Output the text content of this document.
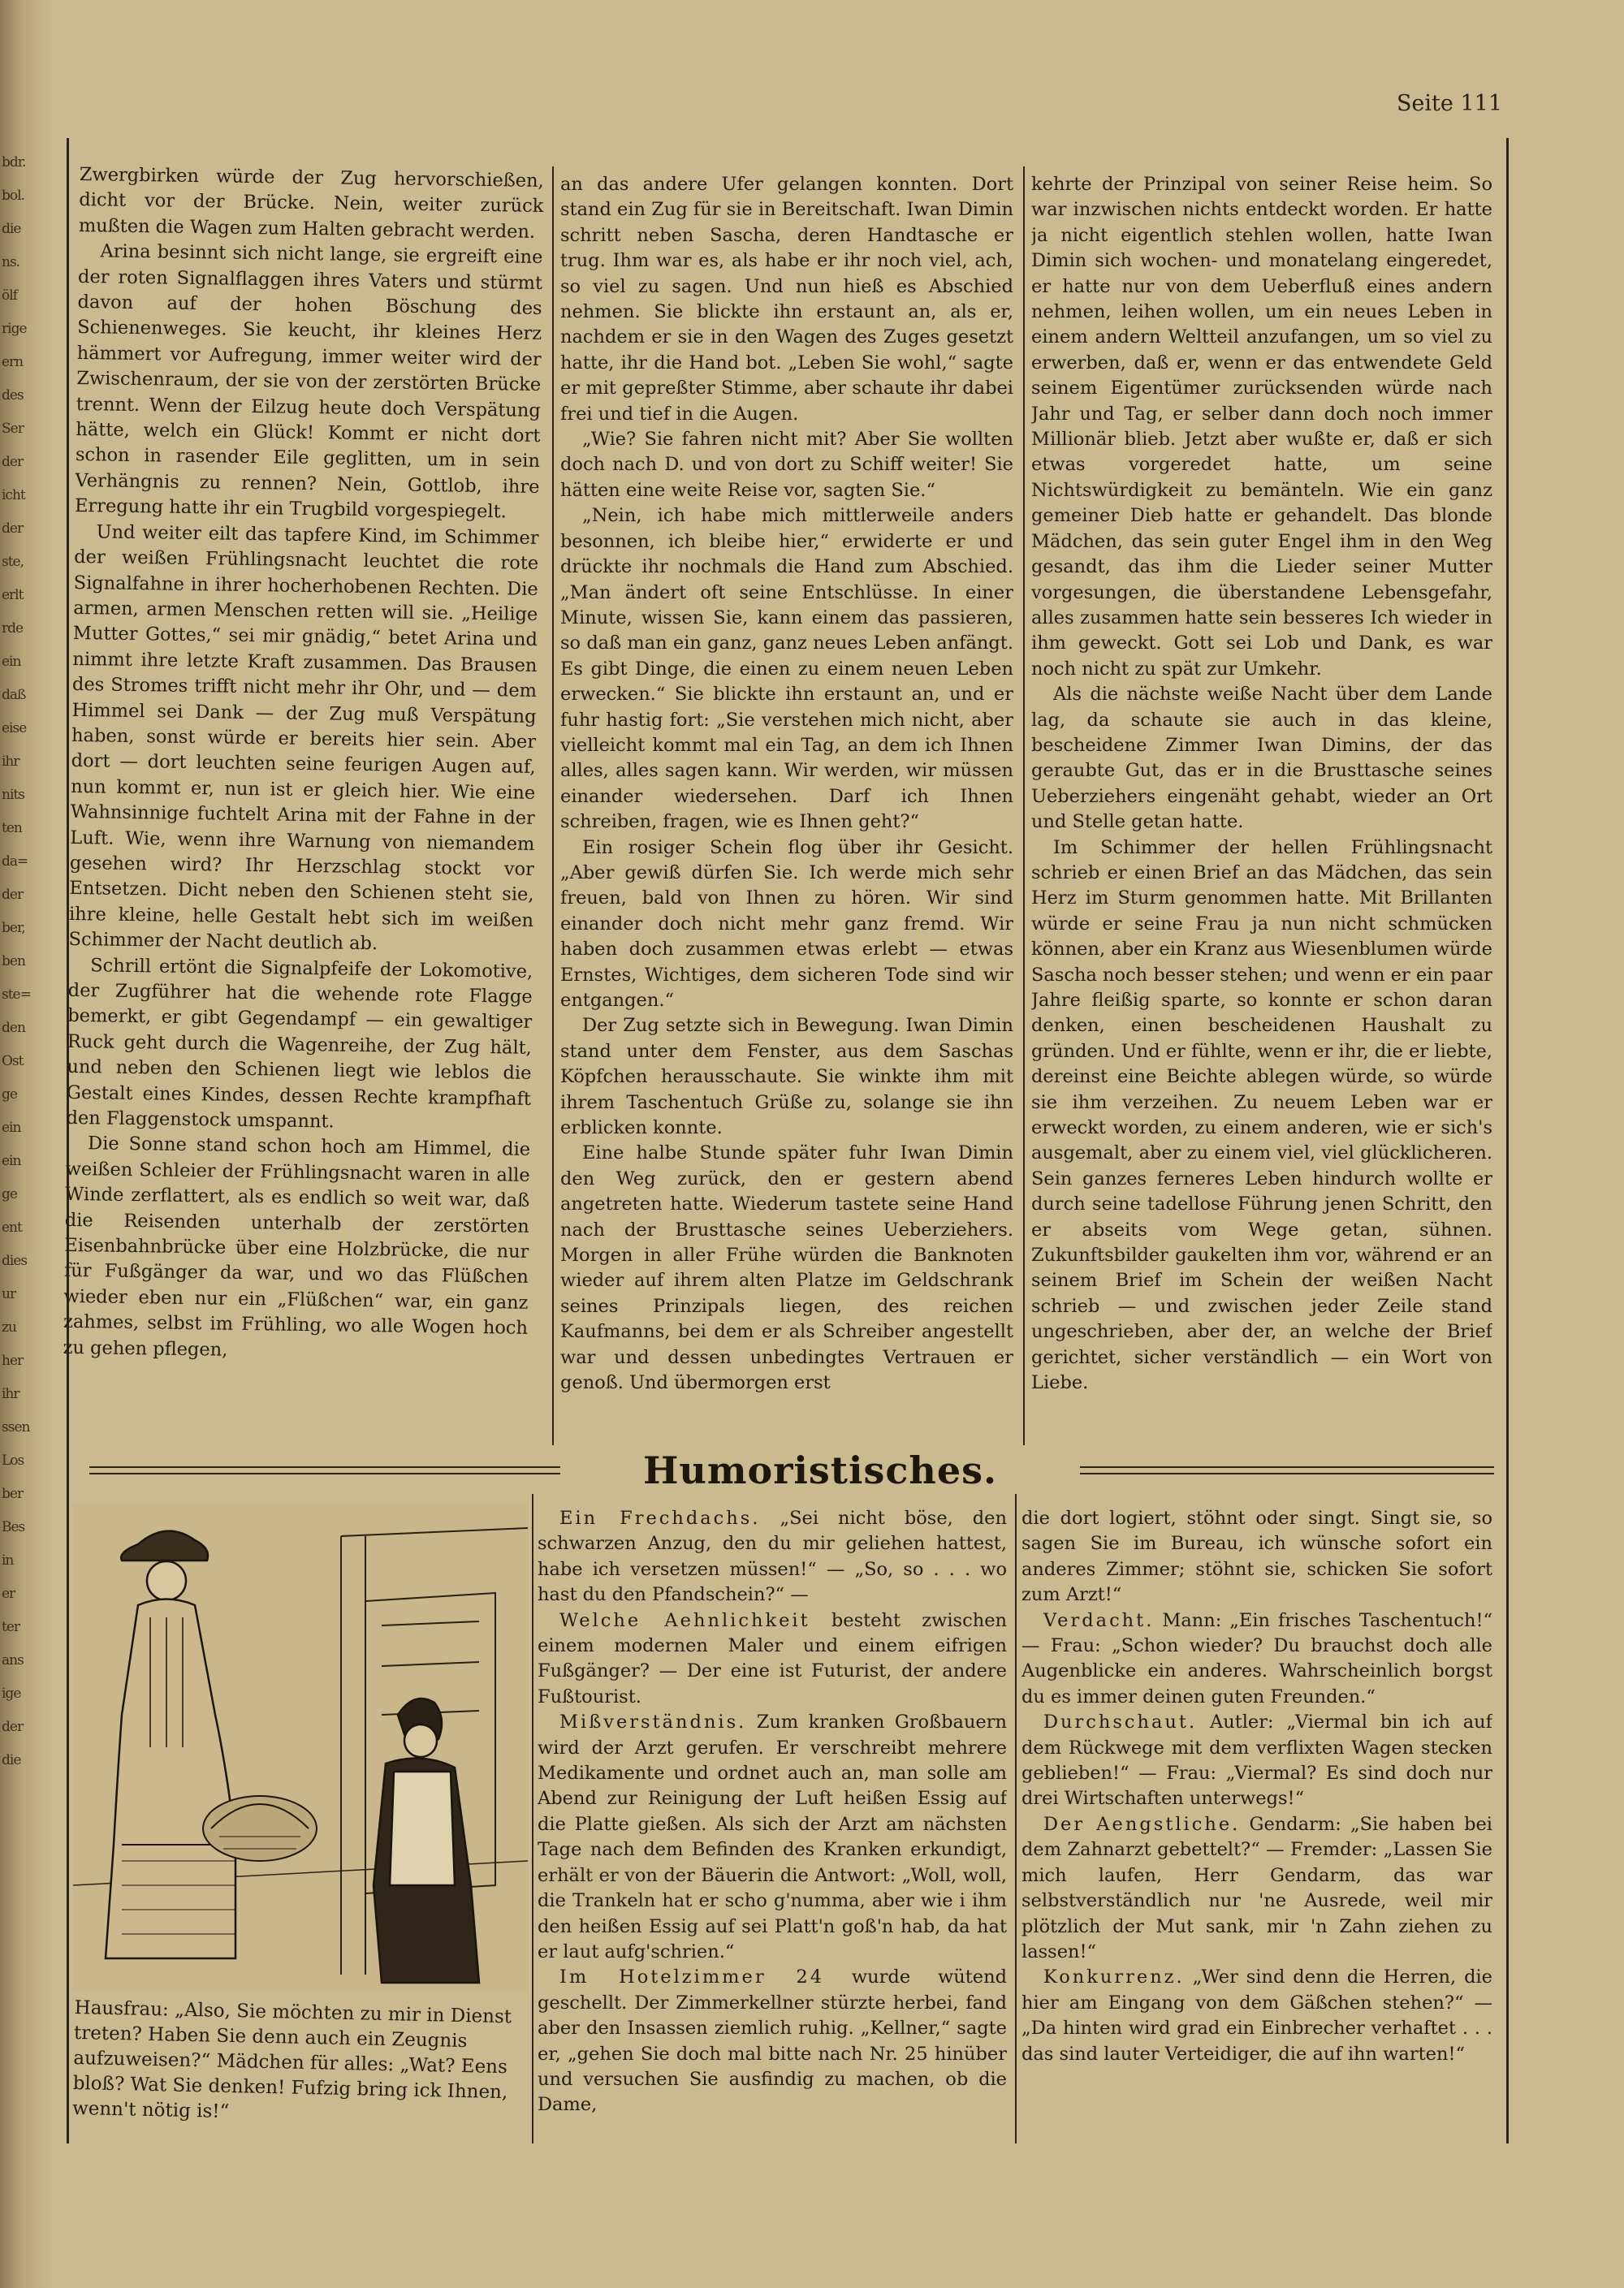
bdr.
bol.
die
ns.
ölf
rige
ern
des
Ser
der
icht
der
ste,
erlt
rde
ein
daß
eise
ihr
nits
ten
da=
der
ber,
ben
ste=
den
Ost
ge
ein
ein
ge
ent
dies
ur
zu
her
ihr
ssen
Los
ber
Bes
in
er
ter
ans
ige
der
die
Seite 111

Zwergbirken würde der Zug hervorschießen, dicht vor der Brücke. Nein, weiter zurück mußten die Wagen zum Halten gebracht werden.

Arina besinnt sich nicht lange, sie ergreift eine der roten Signalflaggen ihres Vaters und stürmt davon auf der hohen Böschung des Schienenweges. Sie keucht, ihr kleines Herz hämmert vor Aufregung, immer weiter wird der Zwischenraum, der sie von der zerstörten Brücke trennt. Wenn der Eilzug heute doch Verspätung hätte, welch ein Glück! Kommt er nicht dort schon in rasender Eile geglitten, um in sein Verhängnis zu rennen? Nein, Gottlob, ihre Erregung hatte ihr ein Trugbild vorgespiegelt.

Und weiter eilt das tapfere Kind, im Schimmer der weißen Frühlingsnacht leuchtet die rote Signalfahne in ihrer hocherhobenen Rechten. Die armen, armen Menschen retten will sie. „Heilige Mutter Gottes,“ sei mir gnädig,“ betet Arina und nimmt ihre letzte Kraft zusammen. Das Brausen des Stromes trifft nicht mehr ihr Ohr, und — dem Himmel sei Dank — der Zug muß Verspätung haben, sonst würde er bereits hier sein. Aber dort — dort leuchten seine feurigen Augen auf, nun kommt er, nun ist er gleich hier. Wie eine Wahnsinnige fuchtelt Arina mit der Fahne in der Luft. Wie, wenn ihre Warnung von niemandem gesehen wird? Ihr Herzschlag stockt vor Entsetzen. Dicht neben den Schienen steht sie, ihre kleine, helle Gestalt hebt sich im weißen Schimmer der Nacht deutlich ab.

Schrill ertönt die Signalpfeife der Lokomotive, der Zugführer hat die wehende rote Flagge bemerkt, er gibt Gegendampf — ein gewaltiger Ruck geht durch die Wagenreihe, der Zug hält, und neben den Schienen liegt wie leblos die Gestalt eines Kindes, dessen Rechte krampfhaft den Flaggenstock umspannt.

Die Sonne stand schon hoch am Himmel, die weißen Schleier der Frühlingsnacht waren in alle Winde zerflattert, als es endlich so weit war, daß die Reisenden unterhalb der zerstörten Eisenbahnbrücke über eine Holzbrücke, die nur für Fußgänger da war, und wo das Flüßchen wieder eben nur ein „Flüßchen“ war, ein ganz zahmes, selbst im Frühling, wo alle Wogen hoch zu gehen pflegen,

an das andere Ufer gelangen konnten. Dort stand ein Zug für sie in Bereitschaft. Iwan Dimin schritt neben Sascha, deren Handtasche er trug. Ihm war es, als habe er ihr noch viel, ach, so viel zu sagen. Und nun hieß es Abschied nehmen. Sie blickte ihn erstaunt an, als er, nachdem er sie in den Wagen des Zuges gesetzt hatte, ihr die Hand bot. „Leben Sie wohl,“ sagte er mit gepreßter Stimme, aber schaute ihr dabei frei und tief in die Augen.

„Wie? Sie fahren nicht mit? Aber Sie wollten doch nach D. und von dort zu Schiff weiter! Sie hätten eine weite Reise vor, sagten Sie.“

„Nein, ich habe mich mittlerweile anders besonnen, ich bleibe hier,“ erwiderte er und drückte ihr nochmals die Hand zum Abschied. „Man ändert oft seine Entschlüsse. In einer Minute, wissen Sie, kann einem das passieren, so daß man ein ganz, ganz neues Leben anfängt. Es gibt Dinge, die einen zu einem neuen Leben erwecken.“ Sie blickte ihn erstaunt an, und er fuhr hastig fort: „Sie verstehen mich nicht, aber vielleicht kommt mal ein Tag, an dem ich Ihnen alles, alles sagen kann. Wir werden, wir müssen einander wiedersehen. Darf ich Ihnen schreiben, fragen, wie es Ihnen geht?“

Ein rosiger Schein flog über ihr Gesicht. „Aber gewiß dürfen Sie. Ich werde mich sehr freuen, bald von Ihnen zu hören. Wir sind einander doch nicht mehr ganz fremd. Wir haben doch zusammen etwas erlebt — etwas Ernstes, Wichtiges, dem sicheren Tode sind wir entgangen.“

Der Zug setzte sich in Bewegung. Iwan Dimin stand unter dem Fenster, aus dem Saschas Köpfchen herausschaute. Sie winkte ihm mit ihrem Taschentuch Grüße zu, solange sie ihn erblicken konnte.

Eine halbe Stunde später fuhr Iwan Dimin den Weg zurück, den er gestern abend angetreten hatte. Wiederum tastete seine Hand nach der Brusttasche seines Ueberziehers. Morgen in aller Frühe würden die Banknoten wieder auf ihrem alten Platze im Geldschrank seines Prinzipals liegen, des reichen Kaufmanns, bei dem er als Schreiber angestellt war und dessen unbedingtes Vertrauen er genoß. Und übermorgen erst

kehrte der Prinzipal von seiner Reise heim. So war inzwischen nichts entdeckt worden. Er hatte ja nicht eigentlich stehlen wollen, hatte Iwan Dimin sich wochen- und monatelang eingeredet, er hatte nur von dem Ueberfluß eines andern nehmen, leihen wollen, um ein neues Leben in einem andern Weltteil anzufangen, um so viel zu erwerben, daß er, wenn er das entwendete Geld seinem Eigentümer zurücksenden würde nach Jahr und Tag, er selber dann doch noch immer Millionär blieb. Jetzt aber wußte er, daß er sich etwas vorgeredet hatte, um seine Nichtswürdigkeit zu bemänteln. Wie ein ganz gemeiner Dieb hatte er gehandelt. Das blonde Mädchen, das sein guter Engel ihm in den Weg gesandt, das ihm die Lieder seiner Mutter vorgesungen, die überstandene Lebensgefahr, alles zusammen hatte sein besseres Ich wieder in ihm geweckt. Gott sei Lob und Dank, es war noch nicht zu spät zur Umkehr.

Als die nächste weiße Nacht über dem Lande lag, da schaute sie auch in das kleine, bescheidene Zimmer Iwan Dimins, der das geraubte Gut, das er in die Brusttasche seines Ueberziehers eingenäht gehabt, wieder an Ort und Stelle getan hatte.

Im Schimmer der hellen Frühlingsnacht schrieb er einen Brief an das Mädchen, das sein Herz im Sturm genommen hatte. Mit Brillanten würde er seine Frau ja nun nicht schmücken können, aber ein Kranz aus Wiesenblumen würde Sascha noch besser stehen; und wenn er ein paar Jahre fleißig sparte, so konnte er schon daran denken, einen bescheidenen Haushalt zu gründen. Und er fühlte, wenn er ihr, die er liebte, dereinst eine Beichte ablegen würde, so würde sie ihm verzeihen. Zu neuem Leben war er erweckt worden, zu einem anderen, wie er sich's ausgemalt, aber zu einem viel, viel glücklicheren. Sein ganzes ferneres Leben hindurch wollte er durch seine tadellose Führung jenen Schritt, den er abseits vom Wege getan, sühnen. Zukunftsbilder gaukelten ihm vor, während er an seinem Brief im Schein der weißen Nacht schrieb — und zwischen jeder Zeile stand ungeschrieben, aber der, an welche der Brief gerichtet, sicher verständlich — ein Wort von Liebe.

Humoristisches.

Hausfrau: „Also, Sie möchten zu mir in Dienst treten? Haben Sie denn auch ein Zeugnis aufzuweisen?“ Mädchen für alles: „Wat? Eens bloß? Wat Sie denken! Fufzig bring ick Ihnen, wenn't nötig is!“

Ein Frechdachs. „Sei nicht böse, den schwarzen Anzug, den du mir geliehen hattest, habe ich versetzen müssen!“ — „So, so . . . wo hast du den Pfandschein?“ —

Welche Aehnlichkeit besteht zwischen einem modernen Maler und einem eifrigen Fußgänger? — Der eine ist Futurist, der andere Fußtourist.

Mißverständnis. Zum kranken Großbauern wird der Arzt gerufen. Er verschreibt mehrere Medikamente und ordnet auch an, man solle am Abend zur Reinigung der Luft heißen Essig auf die Platte gießen. Als sich der Arzt am nächsten Tage nach dem Befinden des Kranken erkundigt, erhält er von der Bäuerin die Antwort: „Woll, woll, die Trankeln hat er scho g'numma, aber wie i ihm den heißen Essig auf sei Platt'n goß'n hab, da hat er laut aufg'schrien.“

Im Hotelzimmer 24 wurde wütend geschellt. Der Zimmerkellner stürzte herbei, fand aber den Insassen ziemlich ruhig. „Kellner,“ sagte er, „gehen Sie doch mal bitte nach Nr. 25 hinüber und versuchen Sie ausfindig zu machen, ob die Dame,

die dort logiert, stöhnt oder singt. Singt sie, so sagen Sie im Bureau, ich wünsche sofort ein anderes Zimmer; stöhnt sie, schicken Sie sofort zum Arzt!“

Verdacht. Mann: „Ein frisches Taschentuch!“ — Frau: „Schon wieder? Du brauchst doch alle Augenblicke ein anderes. Wahrscheinlich borgst du es immer deinen guten Freunden.“

Durchschaut. Autler: „Viermal bin ich auf dem Rückwege mit dem verflixten Wagen stecken geblieben!“ — Frau: „Viermal? Es sind doch nur drei Wirtschaften unterwegs!“

Der Aengstliche. Gendarm: „Sie haben bei dem Zahnarzt gebettelt?“ — Fremder: „Lassen Sie mich laufen, Herr Gendarm, das war selbstverständlich nur 'ne Ausrede, weil mir plötzlich der Mut sank, mir 'n Zahn ziehen zu lassen!“

Konkurrenz. „Wer sind denn die Herren, die hier am Eingang von dem Gäßchen stehen?“ — „Da hinten wird grad ein Einbrecher verhaftet . . . das sind lauter Verteidiger, die auf ihn warten!“
